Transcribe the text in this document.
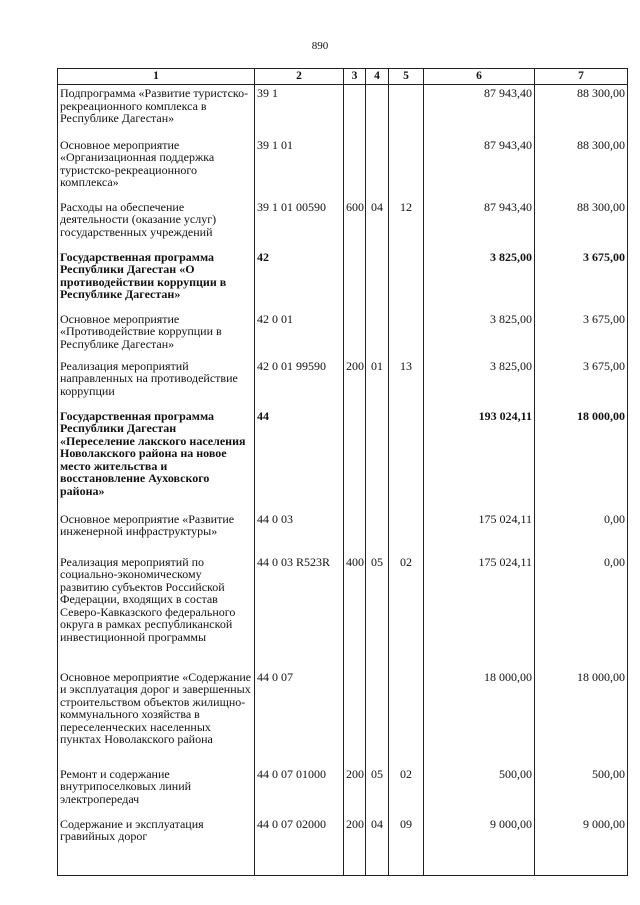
890
1	2	3	4	5	6	7
Подпрограмма «Развитие туристско-рекреационного комплекса в Республике Дагестан»	39 1				87 943,40	88 300,00
Основное мероприятие «Организационная поддержка туристско-рекреационного комплекса»	39 1 01				87 943,40	88 300,00
Расходы на обеспечение деятельности (оказание услуг) государственных учреждений	39 1 01 00590	600	04	12	87 943,40	88 300,00
Государственная программа Республики Дагестан «О противодействии коррупции в Республике Дагестан»	42				3 825,00	3 675,00
Основное мероприятие «Противодействие коррупции в Республике Дагестан»	42 0 01				3 825,00	3 675,00
Реализация мероприятий направленных на противодействие коррупции	42 0 01 99590	200	01	13	3 825,00	3 675,00
Государственная программа Республики Дагестан «Переселение лакского населения Новолакского района на новое место жительства и восстановление Ауховского района»	44				193 024,11	18 000,00
Основное мероприятие «Развитие инженерной инфраструктуры»	44 0 03				175 024,11	0,00
Реализация мероприятий по социально-экономическому развитию субъектов Российской Федерации, входящих в состав Северо-Кавказского федерального округа в рамках республиканской инвестиционной программы	44 0 03 R523R	400	05	02	175 024,11	0,00
Основное мероприятие «Содержание и эксплуатация дорог и завершенных строительством объектов жилищно-коммунального хозяйства в переселенческих населенных пунктах Новолакского района	44 0 07				18 000,00	18 000,00
Ремонт и содержание внутрипоселковых линий электропередач	44 0 07 01000	200	05	02	500,00	500,00
Содержание и эксплуатация гравийных дорог	44 0 07 02000	200	04	09	9 000,00	9 000,00
